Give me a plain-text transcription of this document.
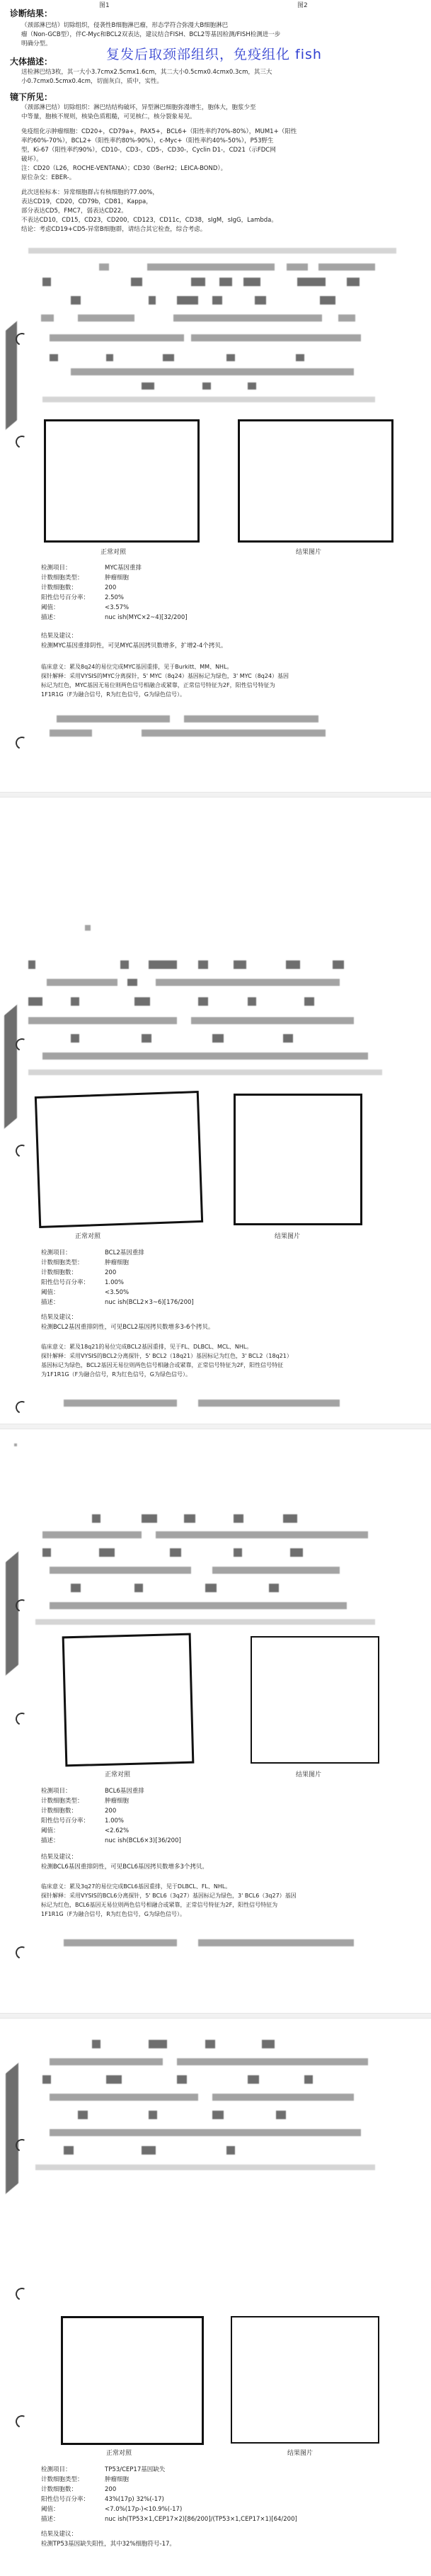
图1	图2
诊断结果：
（颈部淋巴结）切除组织，侵袭性B细胞淋巴瘤，形态学符合弥漫大B细胞淋巴
瘤（Non-GCB型），伴C-Myc和BCL2双表达，建议结合FISH、BCL2等基因检测/FISH检测进一步
明确分型。
复发后取颈部组织，免疫组化 fish
大体描述：
送检淋巴结3枚，其一大小3.7cmx2.5cmx1.6cm，其二大小0.5cmx0.4cmx0.3cm，其三大
小0.7cmx0.5cmx0.4cm，切面灰白，质中，实性。
镜下所见：
（颈部淋巴结）切除组织：淋巴结结构破坏，异型淋巴细胞弥漫增生，胞体大，胞浆少至
中等量，胞核不规则，核染色质粗糙，可见核仁，核分裂象易见。
免疫组化示肿瘤细胞：CD20+，CD79a+，PAX5+，BCL6+（阳性率约70%-80%），MUM1+（阳性
率约60%-70%），BCL2+（阳性率约80%-90%），c-Myc+（阳性率约40%-50%），P53野生
型，Ki-67（阳性率约90%），CD10-，CD3-，CD5-，CD30-，Cyclin D1-，CD21（示FDC网
破坏）。
注：CD20（L26，ROCHE-VENTANA）；CD30（BerH2；LEICA-BOND）。
原位杂交：EBER-。
此次送检标本：异常细胞群占有核细胞的77.00%，
表达CD19，CD20，CD79b，CD81，Kappa，
部分表达CD5，FMC7，弱表达CD22。
不表达CD10，CD15，CD23，CD200，CD123，CD11c，CD38，sIgM，sIgG，Lambda。
结论：考虑CD19+CD5-异常B细胞群，请结合其它检查，综合考虑。
正常对照	结果图片
检测项目：	MYC基因重排
计数细胞类型：	肿瘤细胞
计数细胞数：	200
阳性信号百分率：	2.50%
阈值：	<3.57%
描述：	nuc ish(MYC×2~4)[32/200]
结果及建议：
检测MYC基因重排阴性，可见MYC基因拷贝数增多，扩增2-4个拷贝。
临床意义：累及8q24的易位完成MYC基因重排，见于Burkitt、MM、NHL。
探针解释：采用VYSIS的MYC分离探针，5' MYC（8q24）基因标记为绿色，3' MYC（8q24）基因
标记为红色，MYC基因无易位则两色信号相融合或紧靠，正常信号特征为2F，阳性信号特征为
1F1R1G（F为融合信号，R为红色信号，G为绿色信号）。
正常对照	结果图片
检测项目：	BCL2基因重排
计数细胞类型：	肿瘤细胞
计数细胞数：	200
阳性信号百分率：	1.00%
阈值：	<3.50%
描述：	nuc ish(BCL2×3~6)[176/200]
结果及建议：
检测BCL2基因重排阴性，可见BCL2基因拷贝数增多3-6个拷贝。
临床意义：累及18q21的易位完成BCL2基因重排，见于FL、DLBCL、MCL、NHL。
探针解释：采用VYSIS的BCL2分离探针，5' BCL2（18q21）基因标记为红色，3' BCL2（18q21）
基因标记为绿色，BCL2基因无易位则两色信号相融合或紧靠，正常信号特征为2F，阳性信号特征
为1F1R1G（F为融合信号，R为红色信号，G为绿色信号）。
正常对照	结果图片
检测项目：	BCL6基因重排
计数细胞类型：	肿瘤细胞
计数细胞数：	200
阳性信号百分率：	1.00%
阈值：	<2.62%
描述：	nuc ish(BCL6×3)[36/200]
结果及建议：
检测BCL6基因重排阴性，可见BCL6基因拷贝数增多3个拷贝。
临床意义：累及3q27的易位完成BCL6基因重排，见于DLBCL、FL、NHL。
探针解释：采用VYSIS的BCL6分离探针，5' BCL6（3q27）基因标记为绿色，3' BCL6（3q27）基因
标记为红色，BCL6基因无易位则两色信号相融合或紧靠，正常信号特征为2F，阳性信号特征为
1F1R1G（F为融合信号，R为红色信号，G为绿色信号）。
正常对照	结果图片
检测项目：	TP53/CEP17基因缺失
计数细胞类型：	肿瘤细胞
计数细胞数：	200
阳性信号百分率：	43%(17p) 32%(-17)
阈值：	<7.0%(17p-)<10.9%(-17)
描述：	nuc ish(TP53×1,CEP17×2)[86/200]/(TP53×1,CEP17×1)[64/200]
结果及建议：
检测TP53基因缺失阳性，其中32%细胞符号-17。
